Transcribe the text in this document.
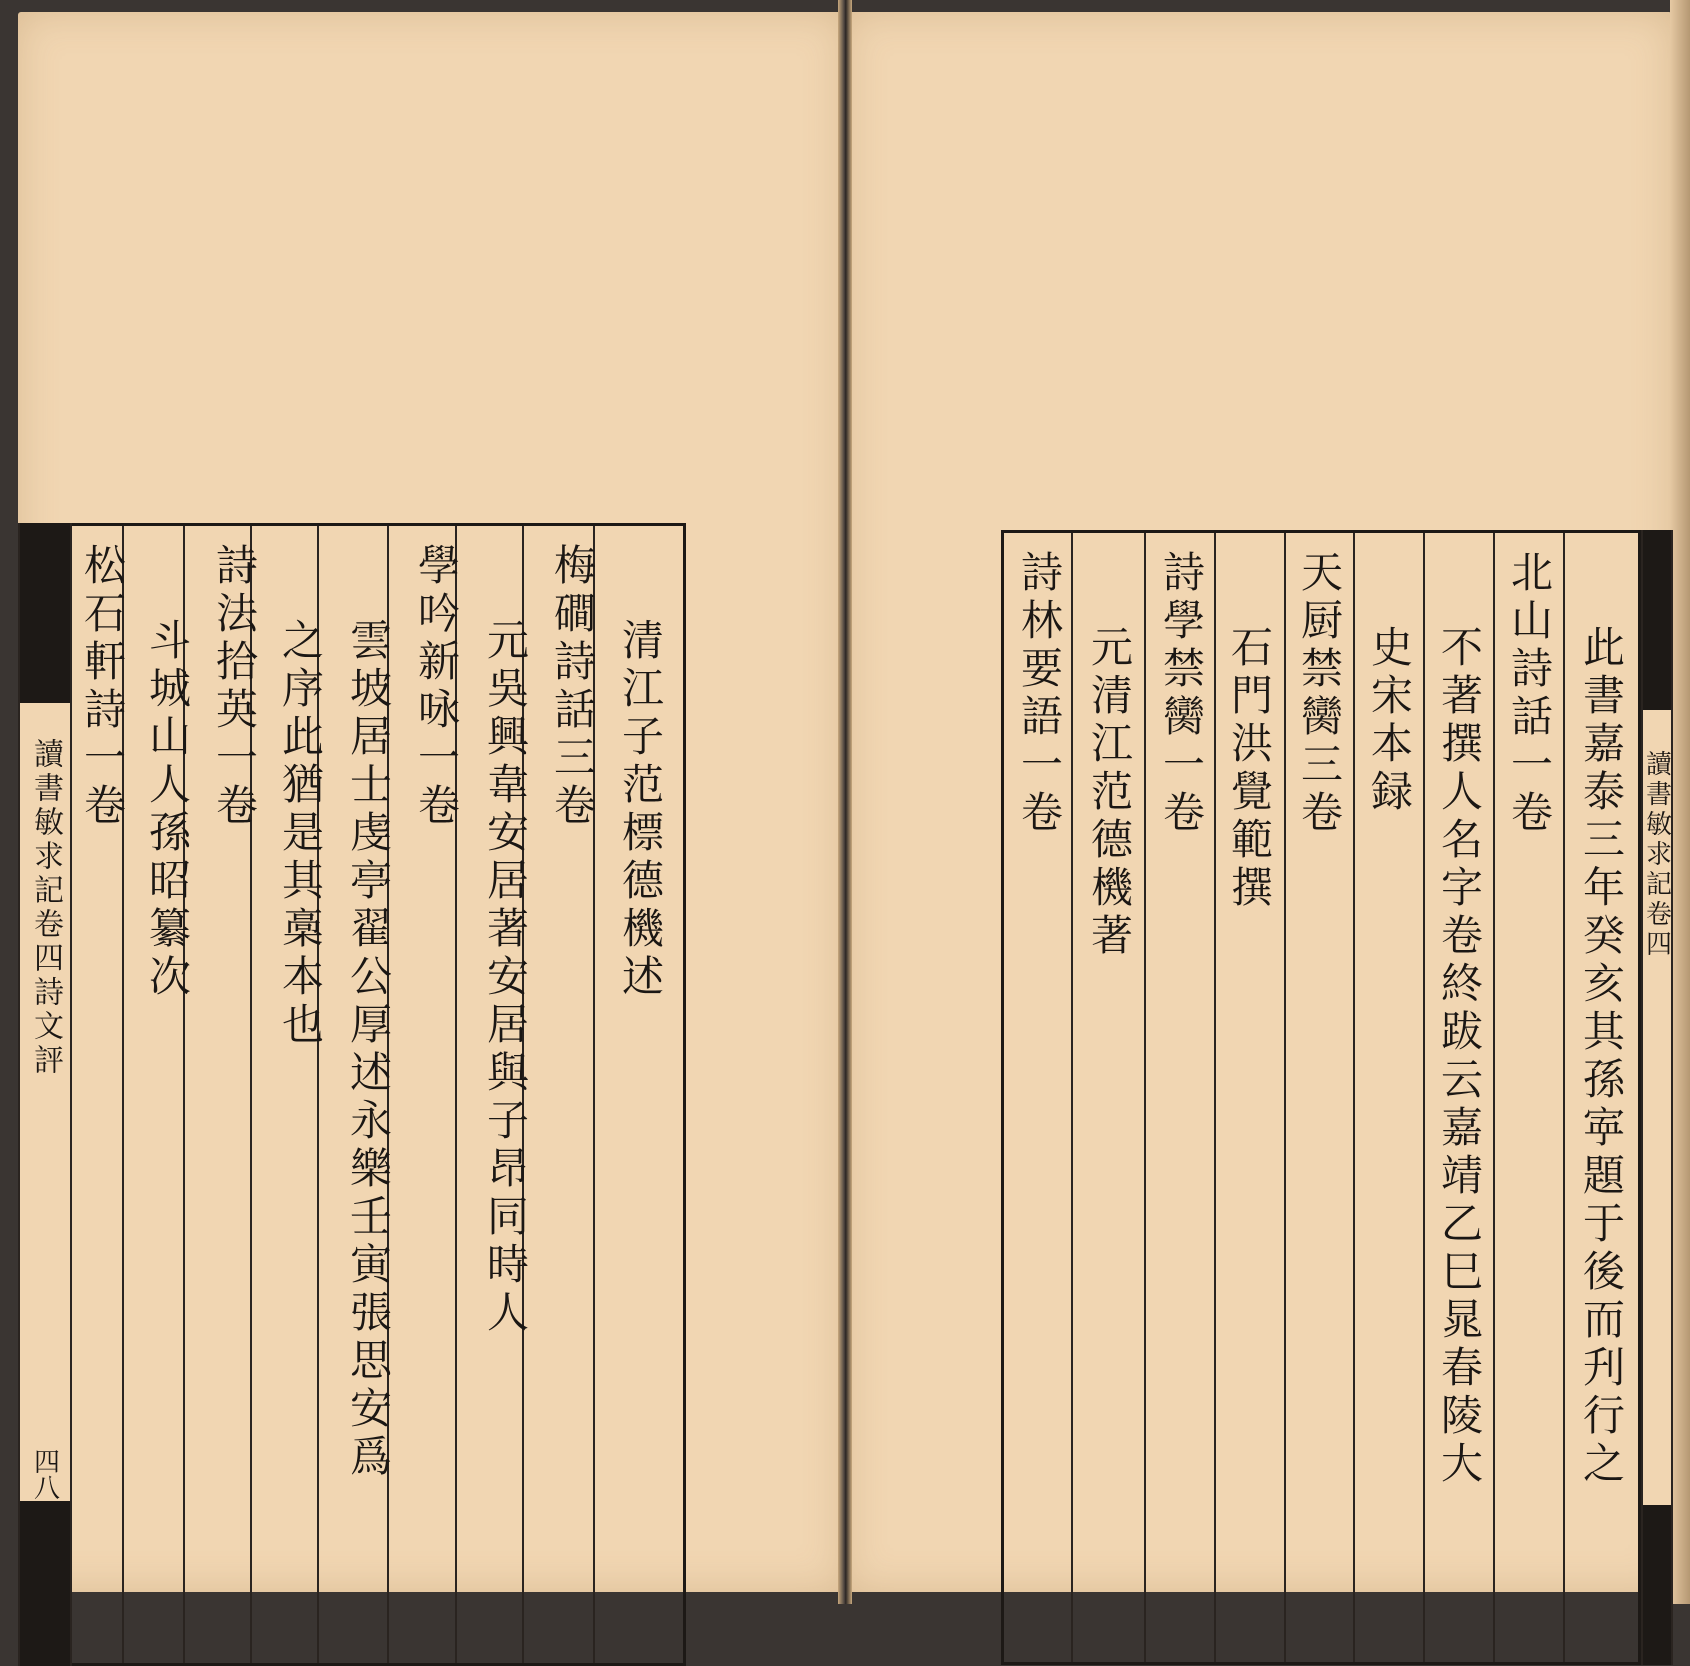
清江子范標德機述
梅磵詩話三卷
元吳興韋安居著安居與子昂同時人
學吟新咏一卷
雲坡居士虔亭翟公厚述永樂壬寅張思安爲
之序此猶是其槀本也
詩法拾英一卷
斗城山人孫昭纂次
松石軒詩一卷
讀書敏求記卷四詩文評
四八	此書嘉泰三年癸亥其孫𡨴題于後而刋行之
北山詩話一卷
不著撰人名字卷終跋云嘉靖乙巳晁春陵大
史宋本録
天厨禁臠三卷
石門洪覺範撰
詩學禁臠一卷
元清江范德機著
詩林要語一卷
讀書敏求記卷四
